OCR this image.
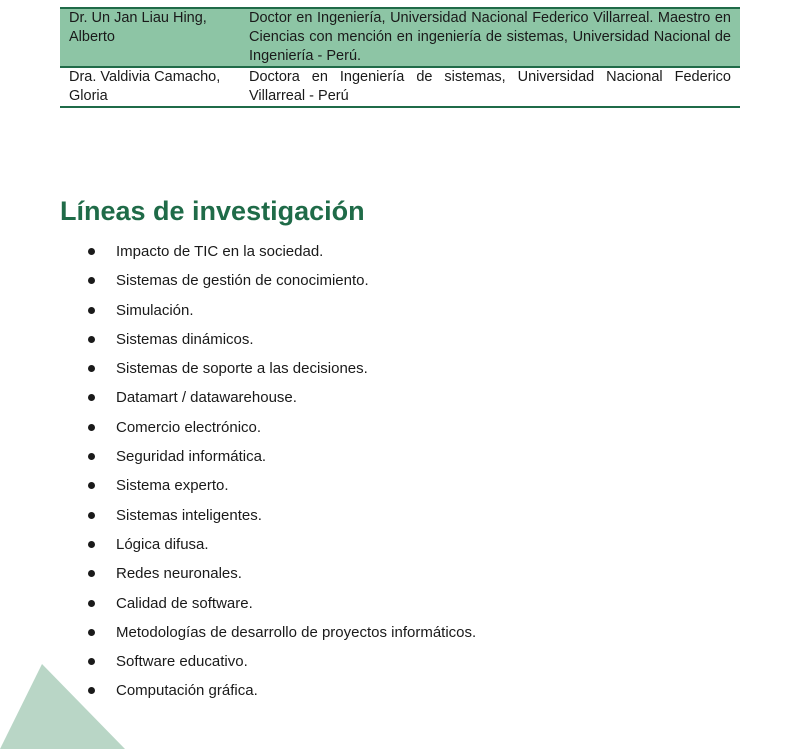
Dr. Un Jan Liau Hing, Alberto	Doctor en Ingeniería, Universidad Nacional Federico Villarreal. Maestro en Ciencias con mención en ingeniería de sistemas, Universidad Nacional de Ingeniería - Perú.
Dra. Valdivia Camacho, Gloria	Doctora en Ingeniería de sistemas, Universidad Nacional Federico Villarreal - Perú
Líneas de investigación
Impacto de TIC en la sociedad.
Sistemas de gestión de conocimiento.
Simulación.
Sistemas dinámicos.
Sistemas de soporte a las decisiones.
Datamart / datawarehouse.
Comercio electrónico.
Seguridad informática.
Sistema experto.
Sistemas inteligentes.
Lógica difusa.
Redes neuronales.
Calidad de software.
Metodologías de desarrollo de proyectos informáticos.
Software educativo.
Computación gráfica.
